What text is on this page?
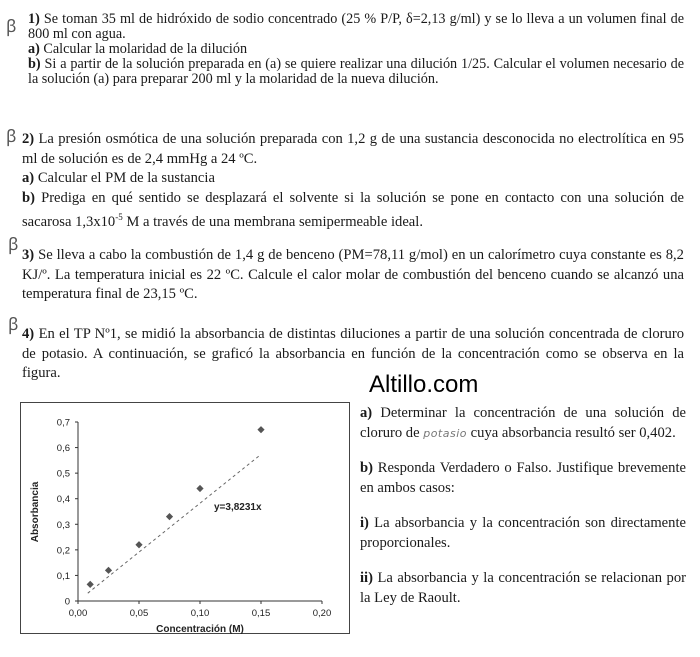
ꞵ
ꞵ
ꞵ
ꞵ

1) Se toman 35 ml de hidróxido de sodio concentrado (25 % P/P, δ=2,13 g/ml) y se lo lleva a un volumen final de 800 ml con agua.

a) Calcular la molaridad de la dilución

b) Si a partir de la solución preparada en (a) se quiere realizar una dilución 1/25. Calcular el volumen necesario de la solución (a) para preparar 200 ml y la molaridad de la nueva dilución.

2) La presión osmótica de una solución preparada con 1,2 g de una sustancia desconocida no electrolítica en 95 ml de solución es de 2,4 mmHg a 24 ºC.

a) Calcular el PM de la sustancia

b) Prediga en qué sentido se desplazará el solvente si la solución se pone en contacto con una solución de sacarosa $1,3x10^{-5}$ M a través de una membrana semipermeable ideal.

3) Se lleva a cabo la combustión de 1,4 g de benceno (PM=78,11 g/mol) en un calorímetro cuya constante es 8,2 KJ/º. La temperatura inicial es 22 ºC. Calcule el calor molar de combustión del benceno cuando se alcanzó una temperatura final de 23,15 ºC.

4) En el TP Nº1, se midió la absorbancia de distintas diluciones a partir de una solución concentrada de cloruro de potasio. A continuación, se graficó la absorbancia en función de la concentración como se observa en la figura.	Altillo.com
0
0,1
0,2
0,3
0,4
0,5
0,6
0,7
0,00	0,05	0,10	0,15	0,20
y=3,8231x
Concentración (M)
Absorbancia

a) Determinar la concentración de una solución de cloruro de potasio cuya absorbancia resultó ser 0,402.

b) Responda Verdadero o Falso. Justifique brevemente en ambos casos:

i) La absorbancia y la concentración son directamente proporcionales.

ii) La absorbancia y la concentración se relacionan por la Ley de Raoult.
